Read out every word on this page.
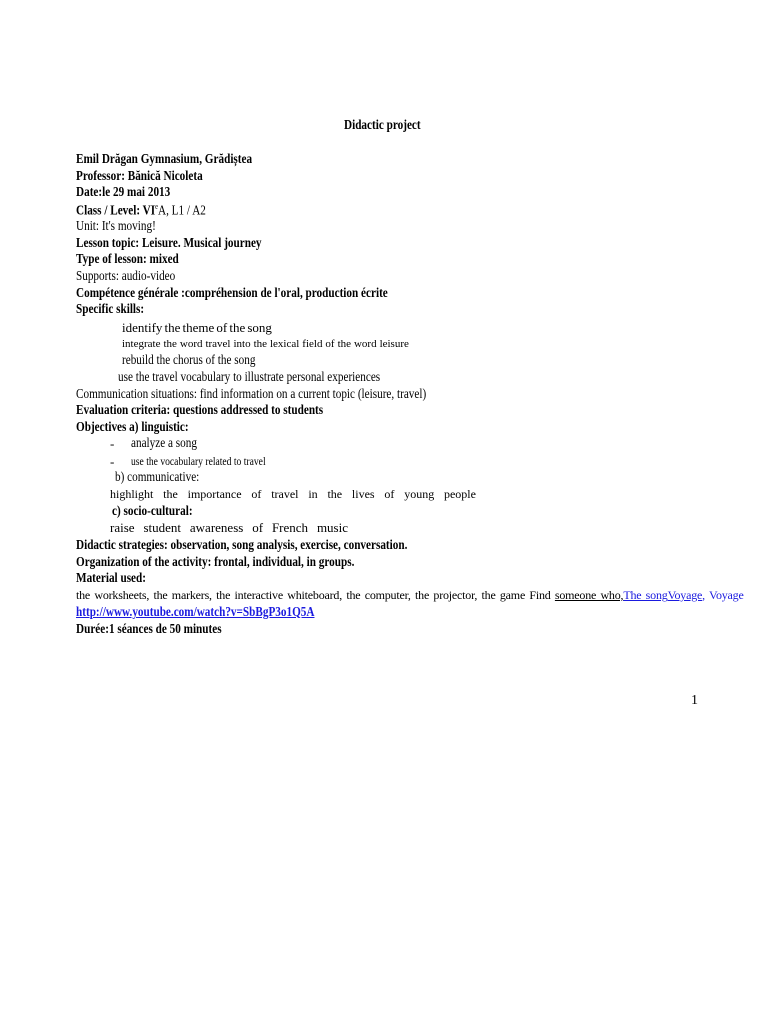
Didactic project
Emil Drăgan Gymnasium, Grădiștea
Professor: Bănică Nicoleta
Date:le 29 mai 2013
Class / Level: VIeA, L1 / A2
Unit: It's moving!
Lesson topic: Leisure. Musical journey
Type of lesson: mixed
Supports: audio-video
Compétence générale :compréhension de l'oral, production écrite
Specific skills:
identify the theme of the song
integrate the word travel into the lexical field of the word leisure
rebuild the chorus of the song
use the travel vocabulary to illustrate personal experiences
Communication situations: find information on a current topic (leisure, travel)
Evaluation criteria: questions addressed to students
Objectives a) linguistic:
- analyze a song
- use the vocabulary related to travel
b) communicative:
highlight the importance of travel in the lives of young people
c) socio-cultural:
raise student awareness of French music
Didactic strategies: observation, song analysis, exercise, conversation.
Organization of the activity: frontal, individual, in groups.
Material used:
the worksheets, the markers, the interactive whiteboard, the computer, the projector, the game Find someone who,The songVoyage, Voyage
http://www.youtube.com/watch?v=SbBgP3o1Q5A
Durée:1 séances de 50 minutes
1
